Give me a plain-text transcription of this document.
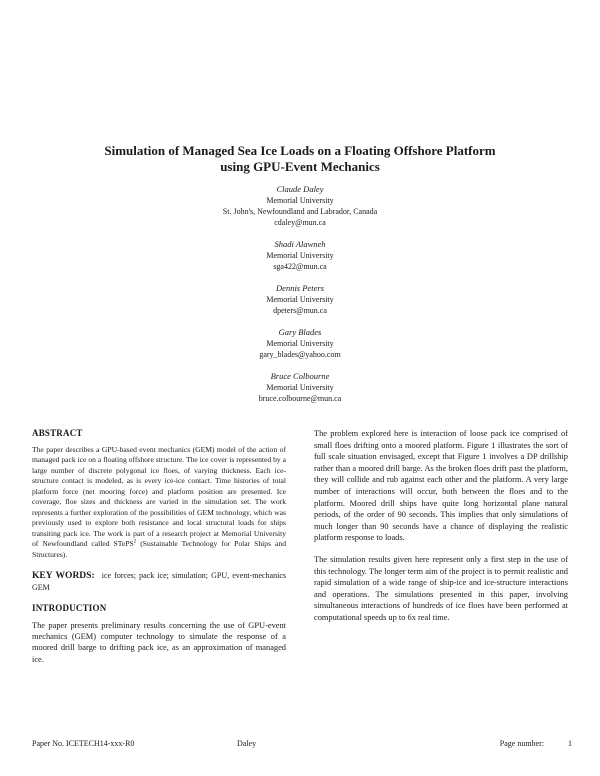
Simulation of Managed Sea Ice Loads on a Floating Offshore Platform
using GPU-Event Mechanics
Claude Daley
Memorial University
St. John's, Newfoundland and Labrador, Canada
cdaley@mun.ca
Shadi Alawneh
Memorial University
sga422@mun.ca
Dennis Peters
Memorial University
dpeters@mun.ca
Gary Blades
Memorial University
gary_blades@yahoo.com
Bruce Colbourne
Memorial University
bruce.colbourne@mun.ca
ABSTRACT

The paper describes a GPU-based event mechanics (GEM) model of the action of managed pack ice on a floating offshore structure. The ice cover is represented by a large number of discrete polygonal ice floes, of varying thickness. Each ice-structure contact is modeled, as is every ice-ice contact. Time histories of total platform force (net mooring force) and platform position are presented. Ice coverage, floe sizes and thickness are varied in the simulation set. The work represents a further exploration of the possibilities of GEM technology, which was previously used to explore both resistance and local structural loads for ships transiting pack ice. The work is part of a research project at Memorial University of Newfoundland called STePS$^2$ (Sustainable Technology for Polar Ships and Structures).

KEY WORDS: ice forces; pack ice; simulation; GPU, event-mechanics GEM
INTRODUCTION

The paper presents preliminary results concerning the use of GPU-event mechanics (GEM) computer technology to simulate the response of a moored drill barge to drifting pack ice, as an approximation of managed ice.

The problem explored here is interaction of loose pack ice comprised of small floes drifting onto a moored platform. Figure 1 illustrates the sort of full scale situation envisaged, except that Figure 1 involves a DP drillship rather than a moored drill barge. As the broken floes drift past the platform, they will collide and rub against each other and the platform. A very large number of interactions will occur, both between the floes and to the platform. Moored drill ships have quite long horizontal plane natural periods, of the order of 90 seconds. This implies that only simulations of much longer than 90 seconds have a chance of displaying the realistic platform response to loads.

The simulation results given here represent only a first step in the use of this technology. The longer term aim of the project is to permit realistic and rapid simulation of a wide range of ship-ice and ice-structure interactions and operations. The simulations presented in this paper, involving simultaneous interactions of hundreds of ice floes have been performed at computational speeds up to 6x real time.

Paper No. ICETECH14-xxx-R0	Daley	Page number:	1
